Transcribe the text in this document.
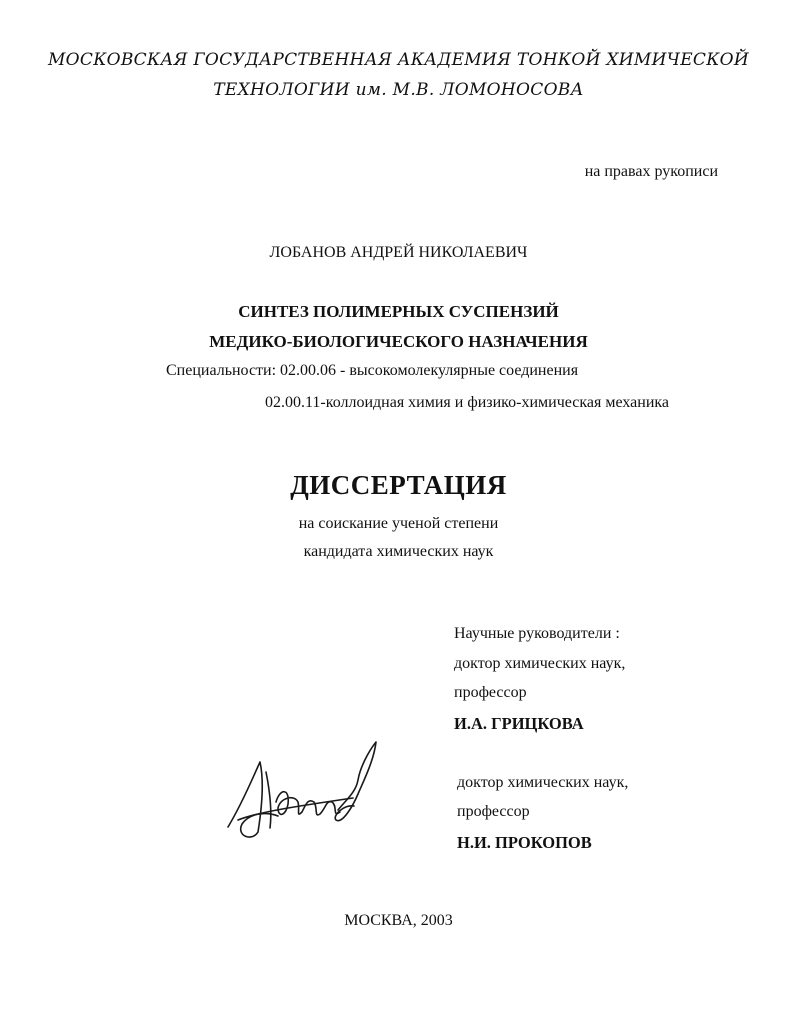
МОСКОВСКАЯ ГОСУДАРСТВЕННАЯ АКАДЕМИЯ ТОНКОЙ ХИМИЧЕСКОЙ
ТЕХНОЛОГИИ им. М.В. ЛОМОНОСОВА
на правах рукописи
ЛОБАНОВ АНДРЕЙ НИКОЛАЕВИЧ
СИНТЕЗ ПОЛИМЕРНЫХ СУСПЕНЗИЙ
МЕДИКО-БИОЛОГИЧЕСКОГО НАЗНАЧЕНИЯ
Специальности: 02.00.06 - высокомолекулярные соединения
02.00.11-коллоидная химия и физико-химическая механика
ДИССЕРТАЦИЯ
на соискание ученой степени
кандидата химических наук
Научные руководители :
доктор химических наук,
профессор
И.А. ГРИЦКОВА
доктор химических наук,
профессор
Н.И. ПРОКОПОВ
МОСКВА, 2003
